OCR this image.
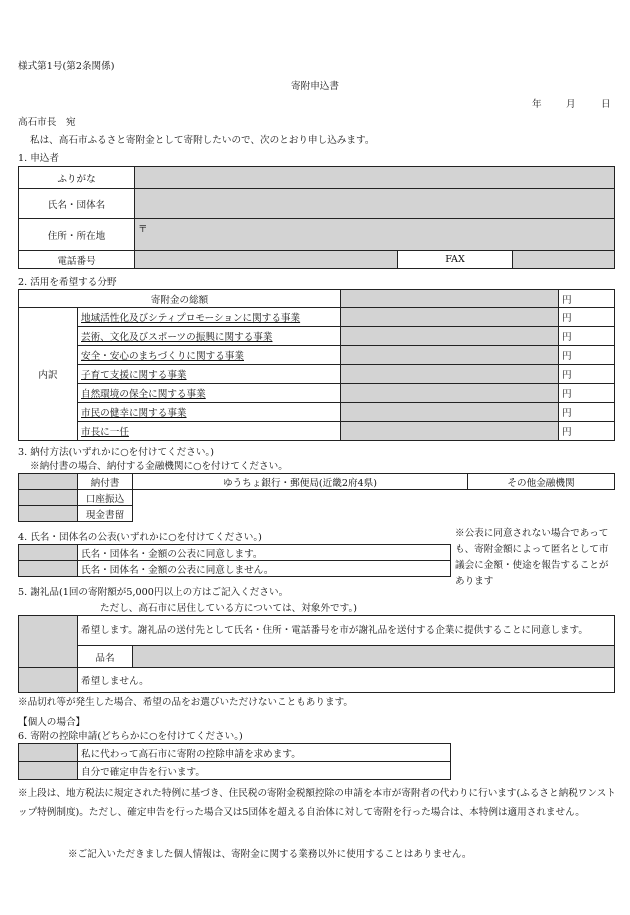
様式第1号(第2条関係)
寄附申込書
年	月	日
高石市長　宛
私は、高石市ふるさと寄附金として寄附したいので、次のとおり申し込みます。
1. 申込者
ふりがな			
氏名・団体名			
住所・所在地	〒		
電話番号		FAX	
2. 活用を希望する分野
寄附金の総額			円
内訳	地域活性化及びシティプロモーションに関する事業		円
	芸術、文化及びスポーツの振興に関する事業		円
	安全・安心のまちづくりに関する事業		円
	子育て支援に関する事業		円
	自然環境の保全に関する事業		円
	市民の健幸に関する事業		円
	市長に一任		円
3. 納付方法(いずれかに○を付けてください。)
※納付書の場合、納付する金融機関に○を付けてください。
	納付書	ゆうちょ銀行・郵便局(近畿2府4県)	その他金融機関
	口座振込
	現金書留
4. 氏名・団体名の公表(いずれかに○を付けてください。)
	氏名・団体名・金額の公表に同意します。
	氏名・団体名・金額の公表に同意しません。
※公表に同意されない場合であっても、寄附金額によって匿名として市議会に金額・使途を報告することがあります
5. 謝礼品(1回の寄附額が5,000円以上の方はご記入ください。
ただし、高石市に居住している方については、対象外です。)
	希望します。謝礼品の送付先として氏名・住所・電話番号を市が謝礼品を送付する企業に提供することに同意します。	
	品名	
	希望しません。	
※品切れ等が発生した場合、希望の品をお選びいただけないこともあります。
【個人の場合】
6. 寄附の控除申請(どちらかに○を付けてください。)
	私に代わって高石市に寄附の控除申請を求めます。
	自分で確定申告を行います。
※上段は、地方税法に規定された特例に基づき、住民税の寄附金税額控除の申請を本市が寄附者の代わりに行います(ふるさと納税ワンストップ特例制度)。ただし、確定申告を行った場合又は5団体を超える自治体に対して寄附を行った場合は、本特例は適用されません。
※ご記入いただきました個人情報は、寄附金に関する業務以外に使用することはありません。
